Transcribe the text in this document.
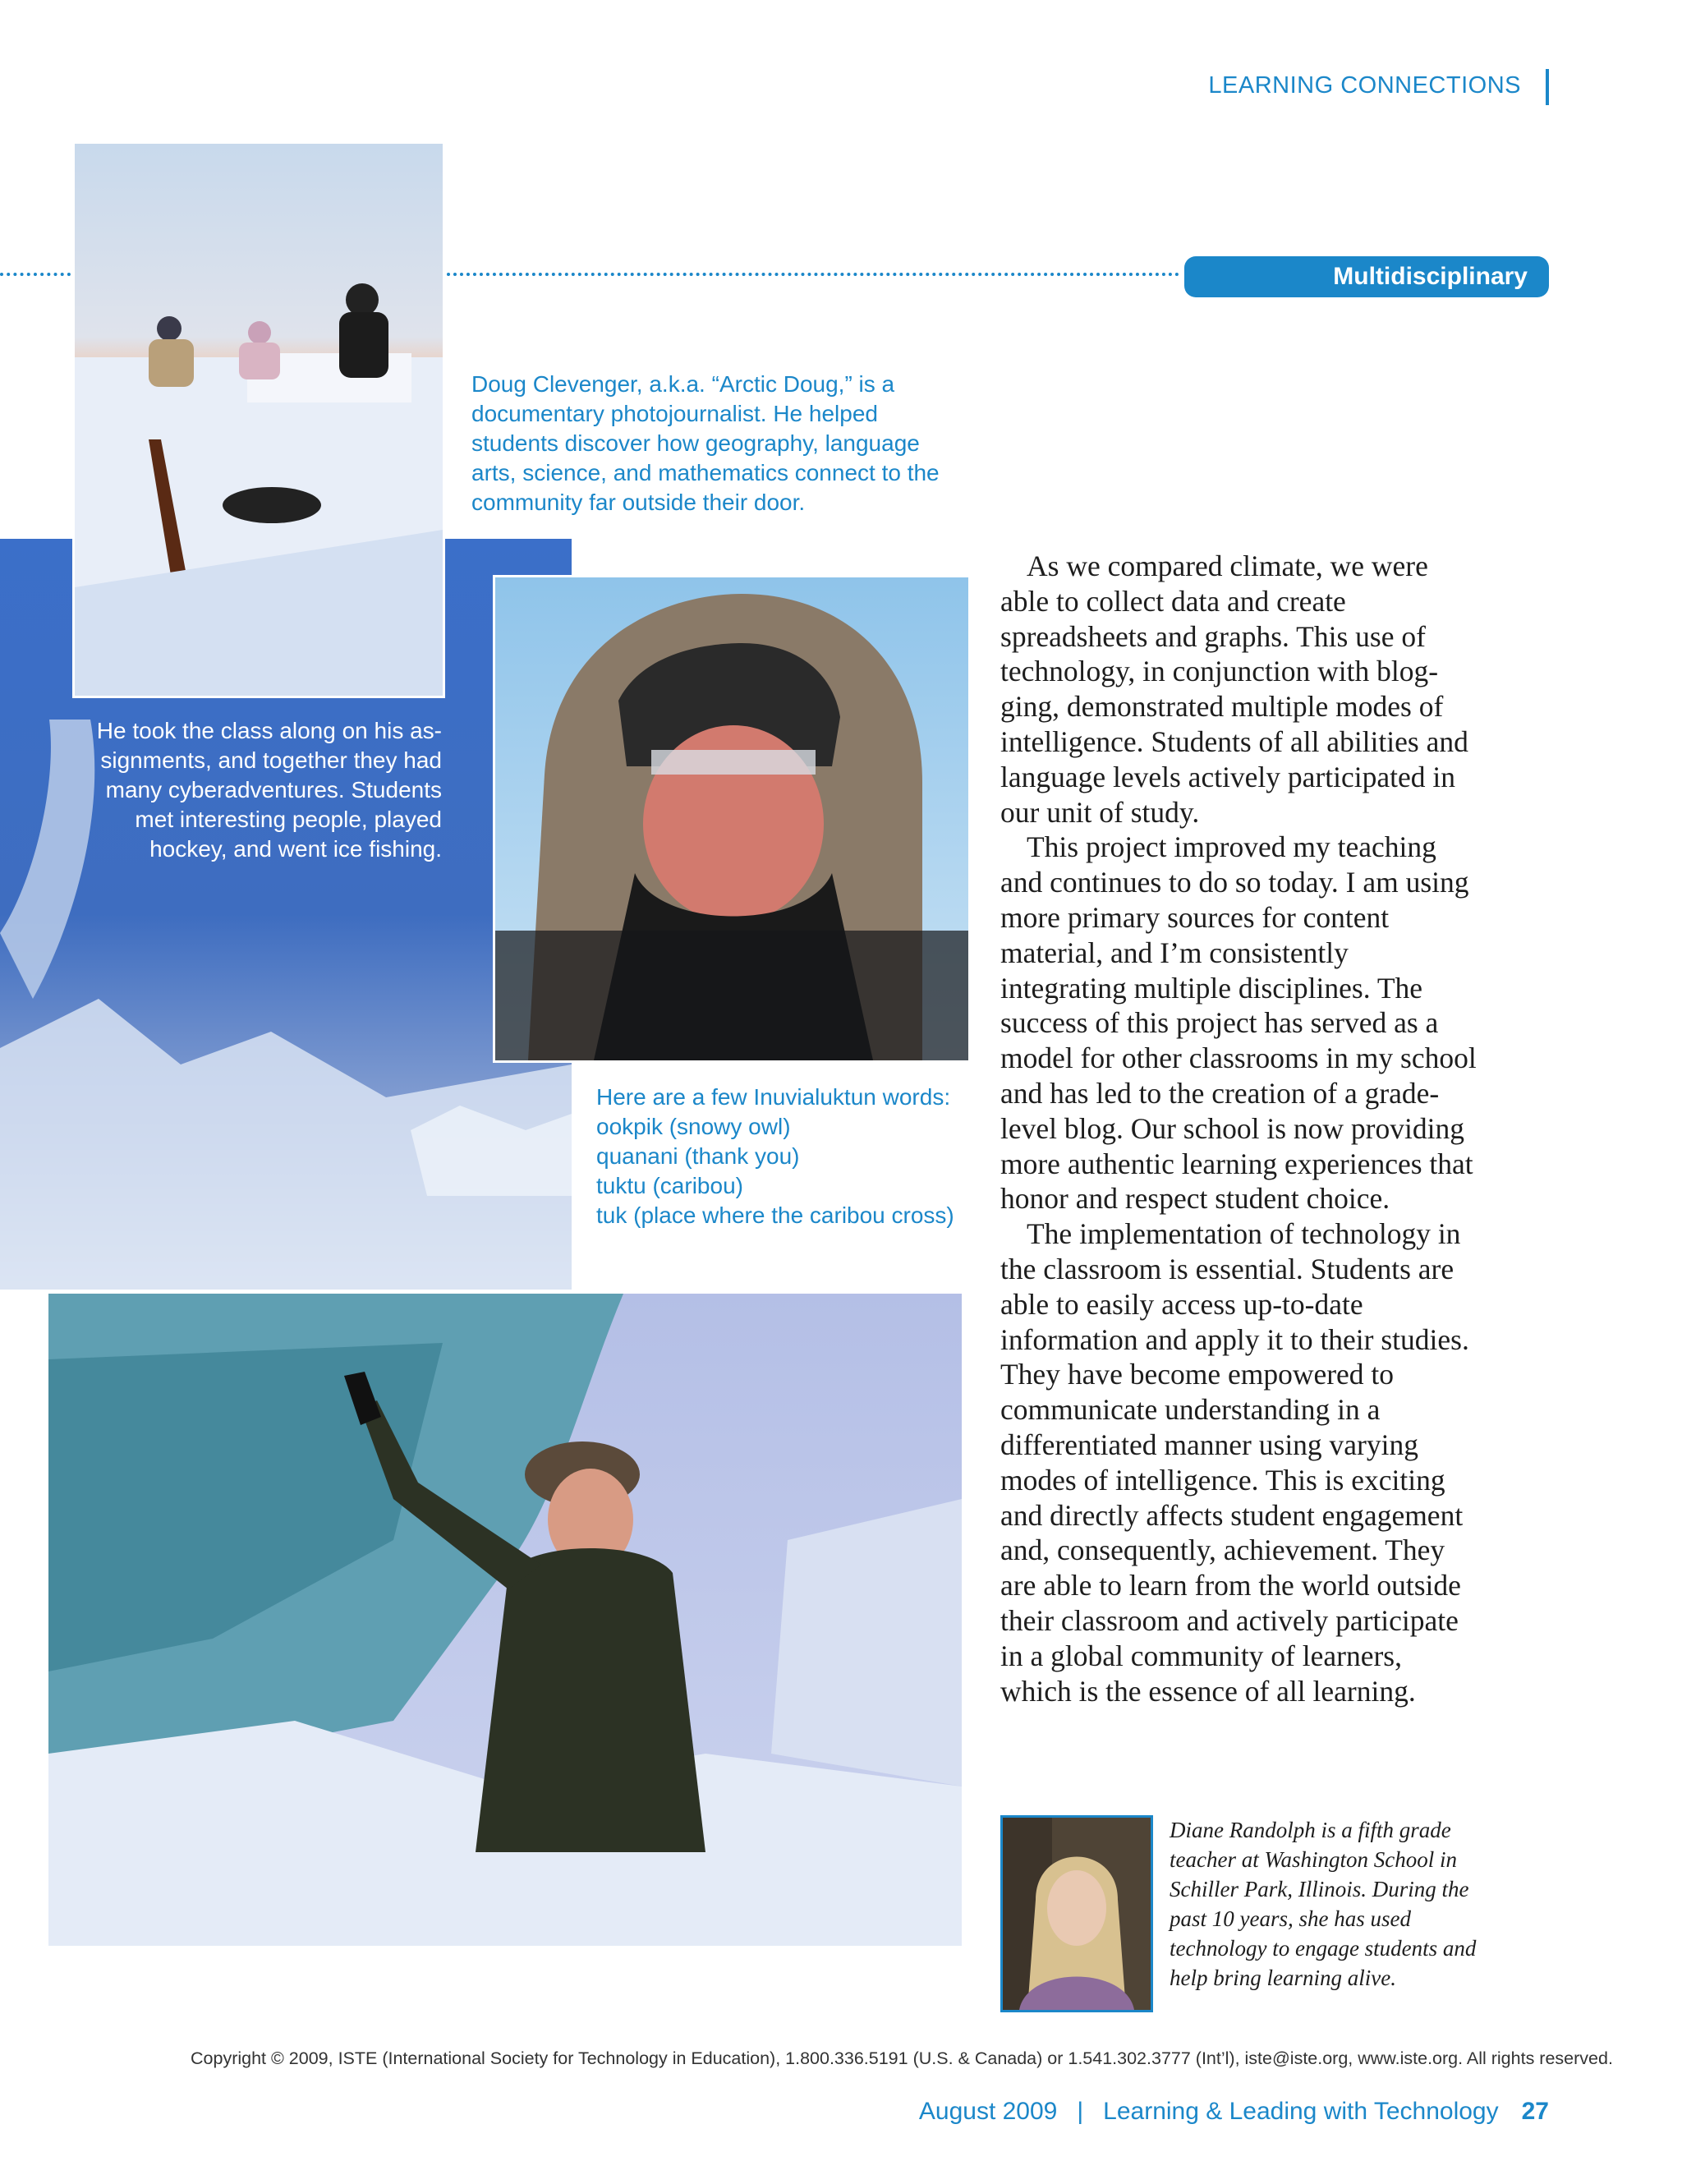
LEARNING CONNECTIONS
Multidisciplinary
Doug Clevenger, a.k.a. “Arctic Doug,” is a documentary photojournalist. He helped students discover how geography, language arts, science, and mathematics connect to the community far outside their door.
He took the class along on his as-
signments, and together they had
many cyberadventures. Students
met interesting people, played
hockey, and went ice fishing.
Here are a few Inuvialuktun words:
ookpik (snowy owl)
quanani (thank you)
tuktu (caribou)
tuk (place where the caribou cross)

As we compared climate, we were able to collect data and create spreadsheets and graphs. This use of technology, in conjunction with blogging, demonstrated multiple modes of intelligence. Students of all abilities and language levels actively participated in our unit of study.

This project improved my teaching and continues to do so today. I am using more primary sources for content material, and I’m consistently integrating multiple disciplines. The success of this project has served as a model for other classrooms in my school and has led to the creation of a grade-level blog. Our school is now providing more authentic learning experiences that honor and respect student choice.

The implementation of technology in the classroom is essential. Students are able to easily access up-to-date information and apply it to their studies. They have become empowered to communicate understanding in a differentiated manner using varying modes of intelligence. This is exciting and directly affects student engagement and, consequently, achievement. They are able to learn from the world outside their classroom and actively participate in a global community of learners, which is the essence of all learning.

Diane Randolph is a fifth grade teacher at Washington School in Schiller Park, Illinois. During the past 10 years, she has used technology to engage students and help bring learning alive.
Copyright © 2009, ISTE (International Society for Technology in Education), 1.800.336.5191 (U.S. & Canada) or 1.541.302.3777 (Int’l), iste@iste.org, www.iste.org. All rights reserved.
August 2009 | Learning & Leading with Technology 27
